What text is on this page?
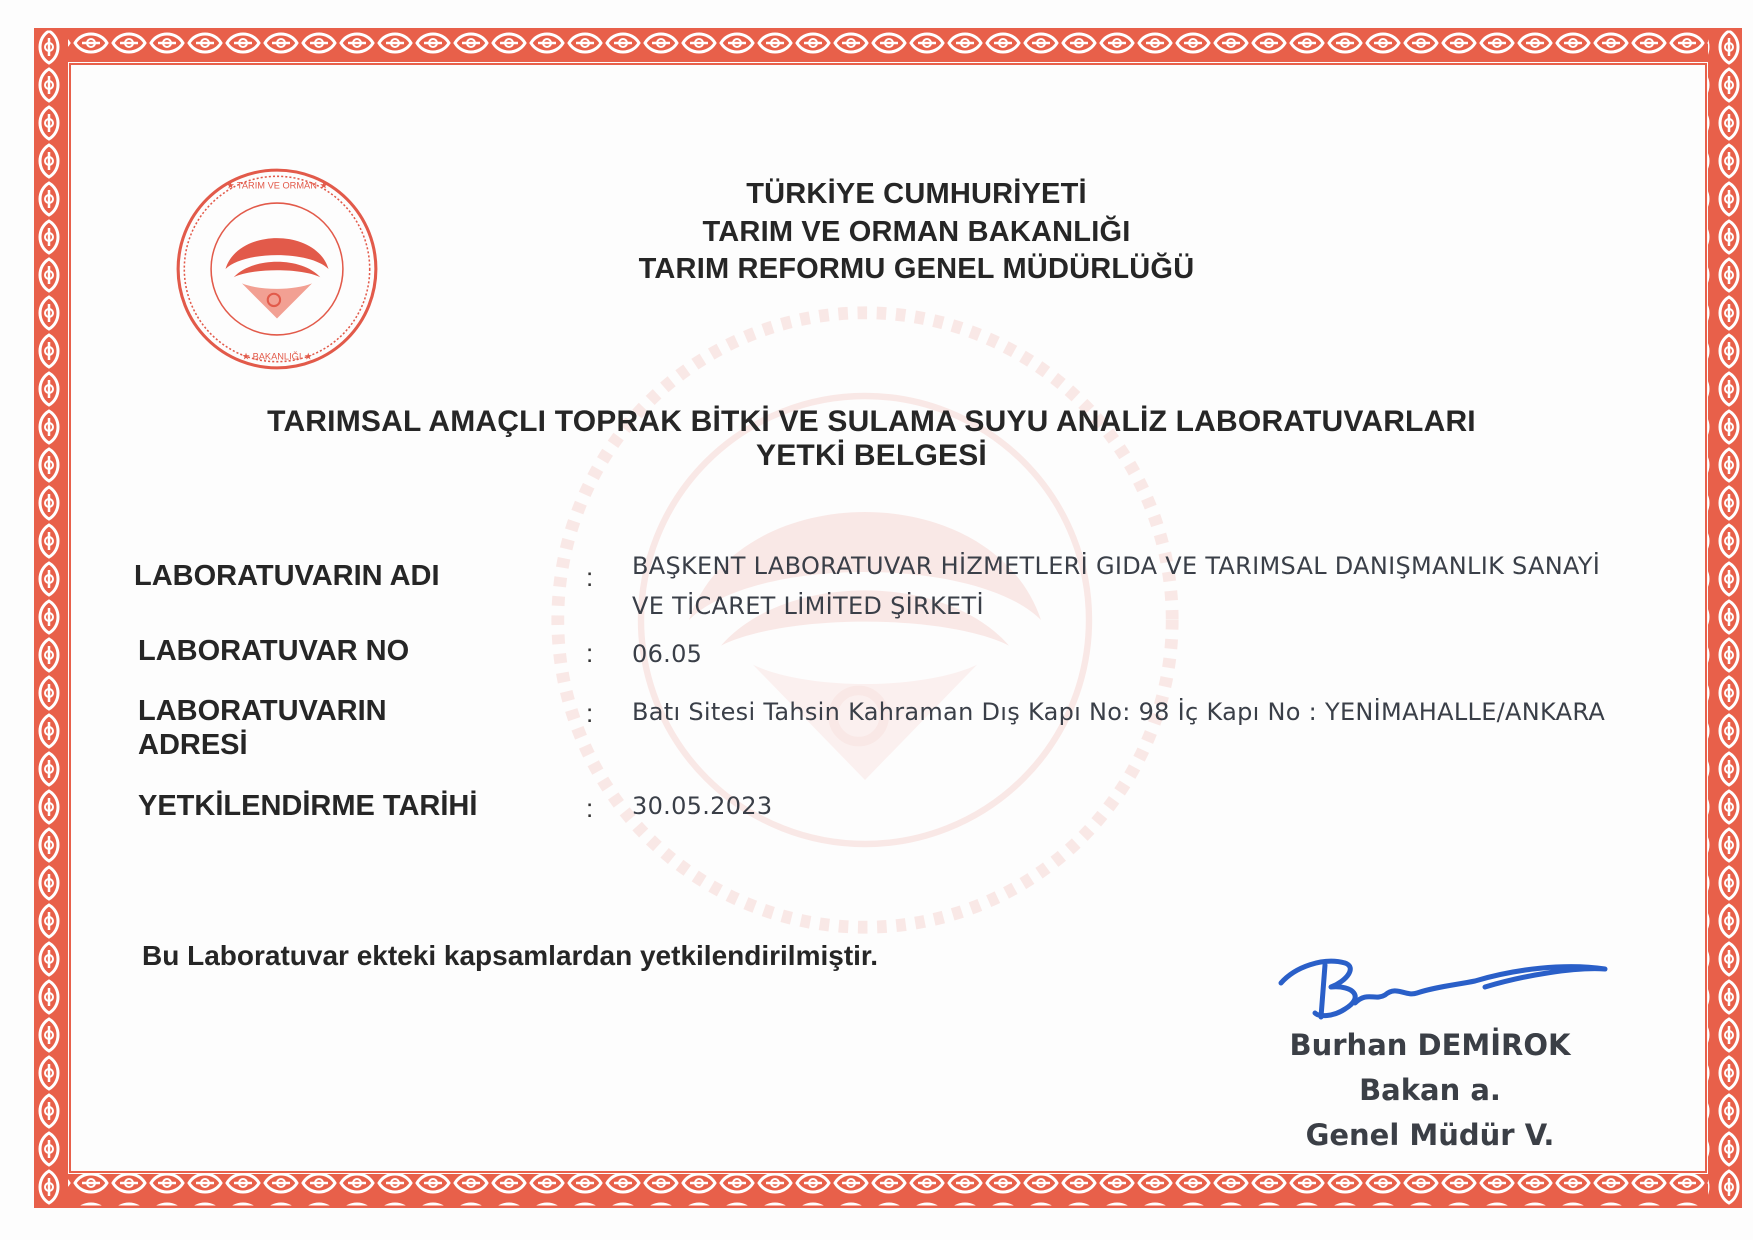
★ TARIM VE ORMAN ★
★ BAKANLIĞI ★
TÜRKİYE CUMHURİYETİ
TARIM VE ORMAN BAKANLIĞI
TARIM REFORMU GENEL MÜDÜRLÜĞÜ
TARIMSAL AMAÇLI TOPRAK BİTKİ VE SULAMA SUYU ANALİZ LABORATUVARLARI
YETKİ BELGESİ
LABORATUVARIN ADI	: BAŞKENT LABORATUVAR HİZMETLERİ GIDA VE TARIMSAL DANIŞMANLIK SANAYİ
VE TİCARET LİMİTED ŞİRKETİ
LABORATUVAR NO	: 06.05
LABORATUVARIN
ADRESİ
: Batı Sitesi Tahsin Kahraman Dış Kapı No: 98 İç Kapı No : YENİMAHALLE/ANKARA
YETKİLENDİRME TARİHİ	: 30.05.2023
Bu Laboratuvar ekteki kapsamlardan yetkilendirilmiştir.
Burhan DEMİROK
Bakan a.
Genel Müdür V.
